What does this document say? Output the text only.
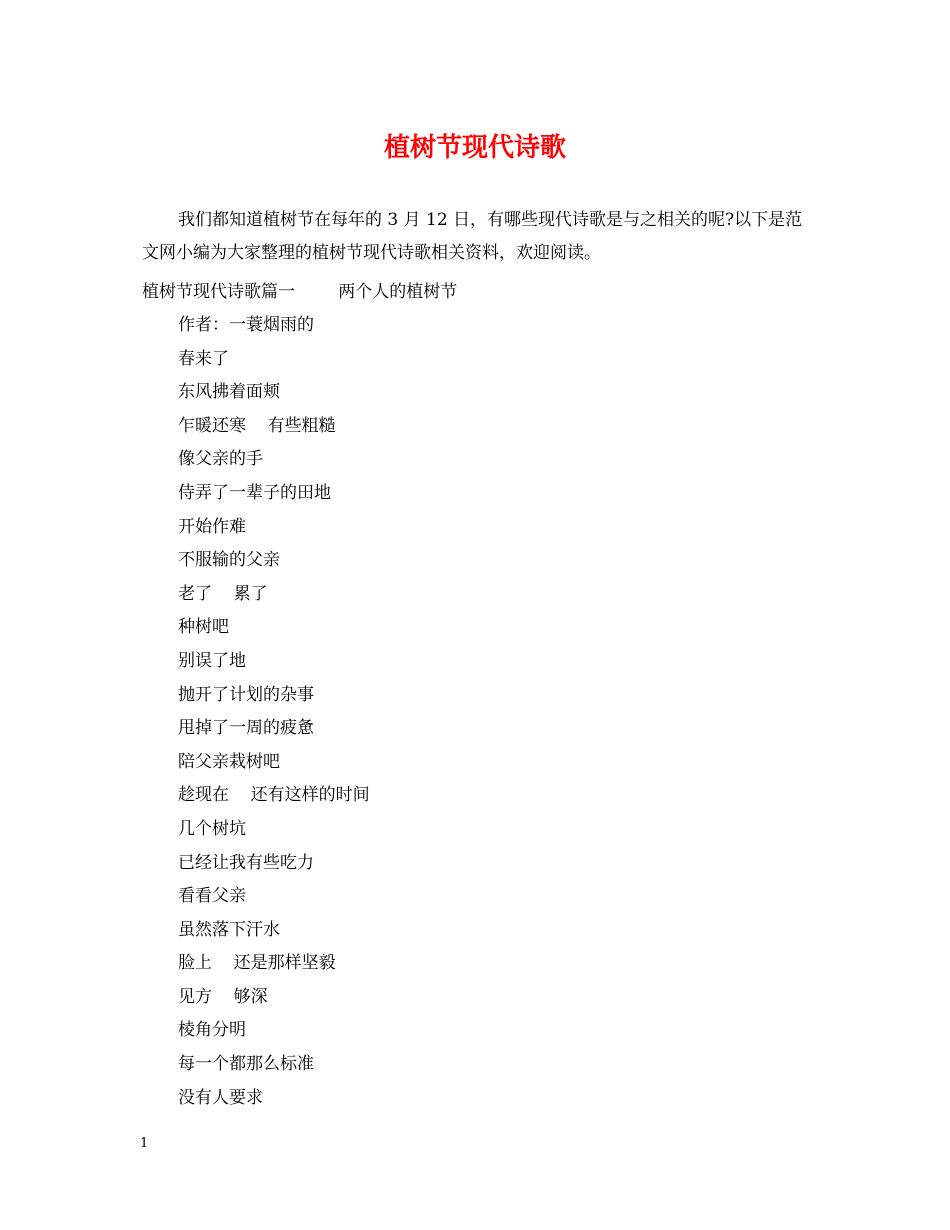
植树节现代诗歌
我们都知道植树节在每年的 3 月 12 日，有哪些现代诗歌是与之相关的呢?以下是范文网小编为大家整理的植树节现代诗歌相关资料，欢迎阅读。
植树节现代诗歌篇一        两个人的植树节
作者：一蓑烟雨的
春来了
东风拂着面颊
乍暖还寒    有些粗糙
像父亲的手
侍弄了一辈子的田地
开始作难
不服输的父亲
老了    累了
种树吧
别误了地
抛开了计划的杂事
甩掉了一周的疲惫
陪父亲栽树吧
趁现在    还有这样的时间
几个树坑
已经让我有些吃力
看看父亲
虽然落下汗水
脸上    还是那样坚毅
见方    够深
棱角分明
每一个都那么标准
没有人要求
1
